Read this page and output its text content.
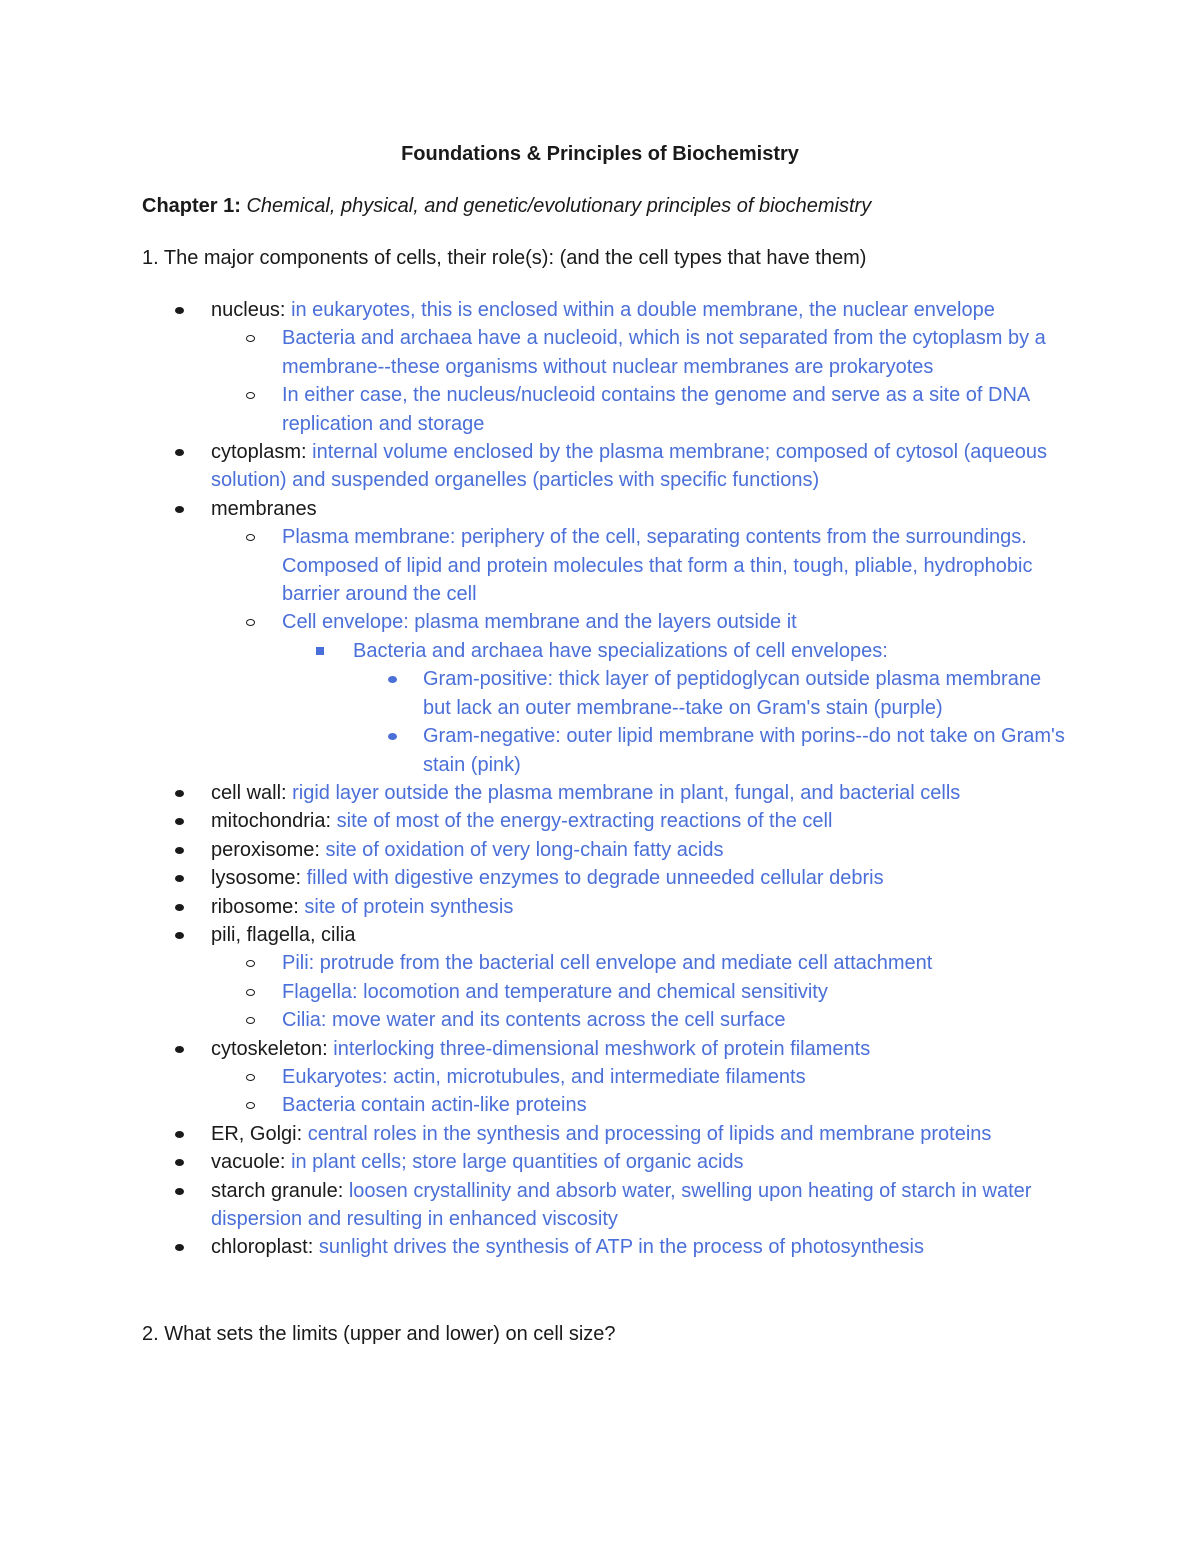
Foundations & Principles of Biochemistry
Chapter 1: Chemical, physical, and genetic/evolutionary principles of biochemistry
1. The major components of cells, their role(s): (and the cell types that have them)
nucleus: in eukaryotes, this is enclosed within a double membrane, the nuclear envelope
Bacteria and archaea have a nucleoid, which is not separated from the cytoplasm by a membrane--these organisms without nuclear membranes are prokaryotes
In either case, the nucleus/nucleoid contains the genome and serve as a site of DNA replication and storage
cytoplasm: internal volume enclosed by the plasma membrane; composed of cytosol (aqueous solution) and suspended organelles (particles with specific functions)
membranes
Plasma membrane: periphery of the cell, separating contents from the surroundings. Composed of lipid and protein molecules that form a thin, tough, pliable, hydrophobic barrier around the cell
Cell envelope: plasma membrane and the layers outside it
Bacteria and archaea have specializations of cell envelopes:
Gram-positive: thick layer of peptidoglycan outside plasma membrane but lack an outer membrane--take on Gram's stain (purple)
Gram-negative: outer lipid membrane with porins--do not take on Gram's stain (pink)
cell wall: rigid layer outside the plasma membrane in plant, fungal, and bacterial cells
mitochondria: site of most of the energy-extracting reactions of the cell
peroxisome: site of oxidation of very long-chain fatty acids
lysosome: filled with digestive enzymes to degrade unneeded cellular debris
ribosome: site of protein synthesis
pili, flagella, cilia
Pili: protrude from the bacterial cell envelope and mediate cell attachment
Flagella: locomotion and temperature and chemical sensitivity
Cilia: move water and its contents across the cell surface
cytoskeleton: interlocking three-dimensional meshwork of protein filaments
Eukaryotes: actin, microtubules, and intermediate filaments
Bacteria contain actin-like proteins
ER, Golgi: central roles in the synthesis and processing of lipids and membrane proteins
vacuole: in plant cells; store large quantities of organic acids
starch granule: loosen crystallinity and absorb water, swelling upon heating of starch in water dispersion and resulting in enhanced viscosity
chloroplast: sunlight drives the synthesis of ATP in the process of photosynthesis
2. What sets the limits (upper and lower) on cell size?
